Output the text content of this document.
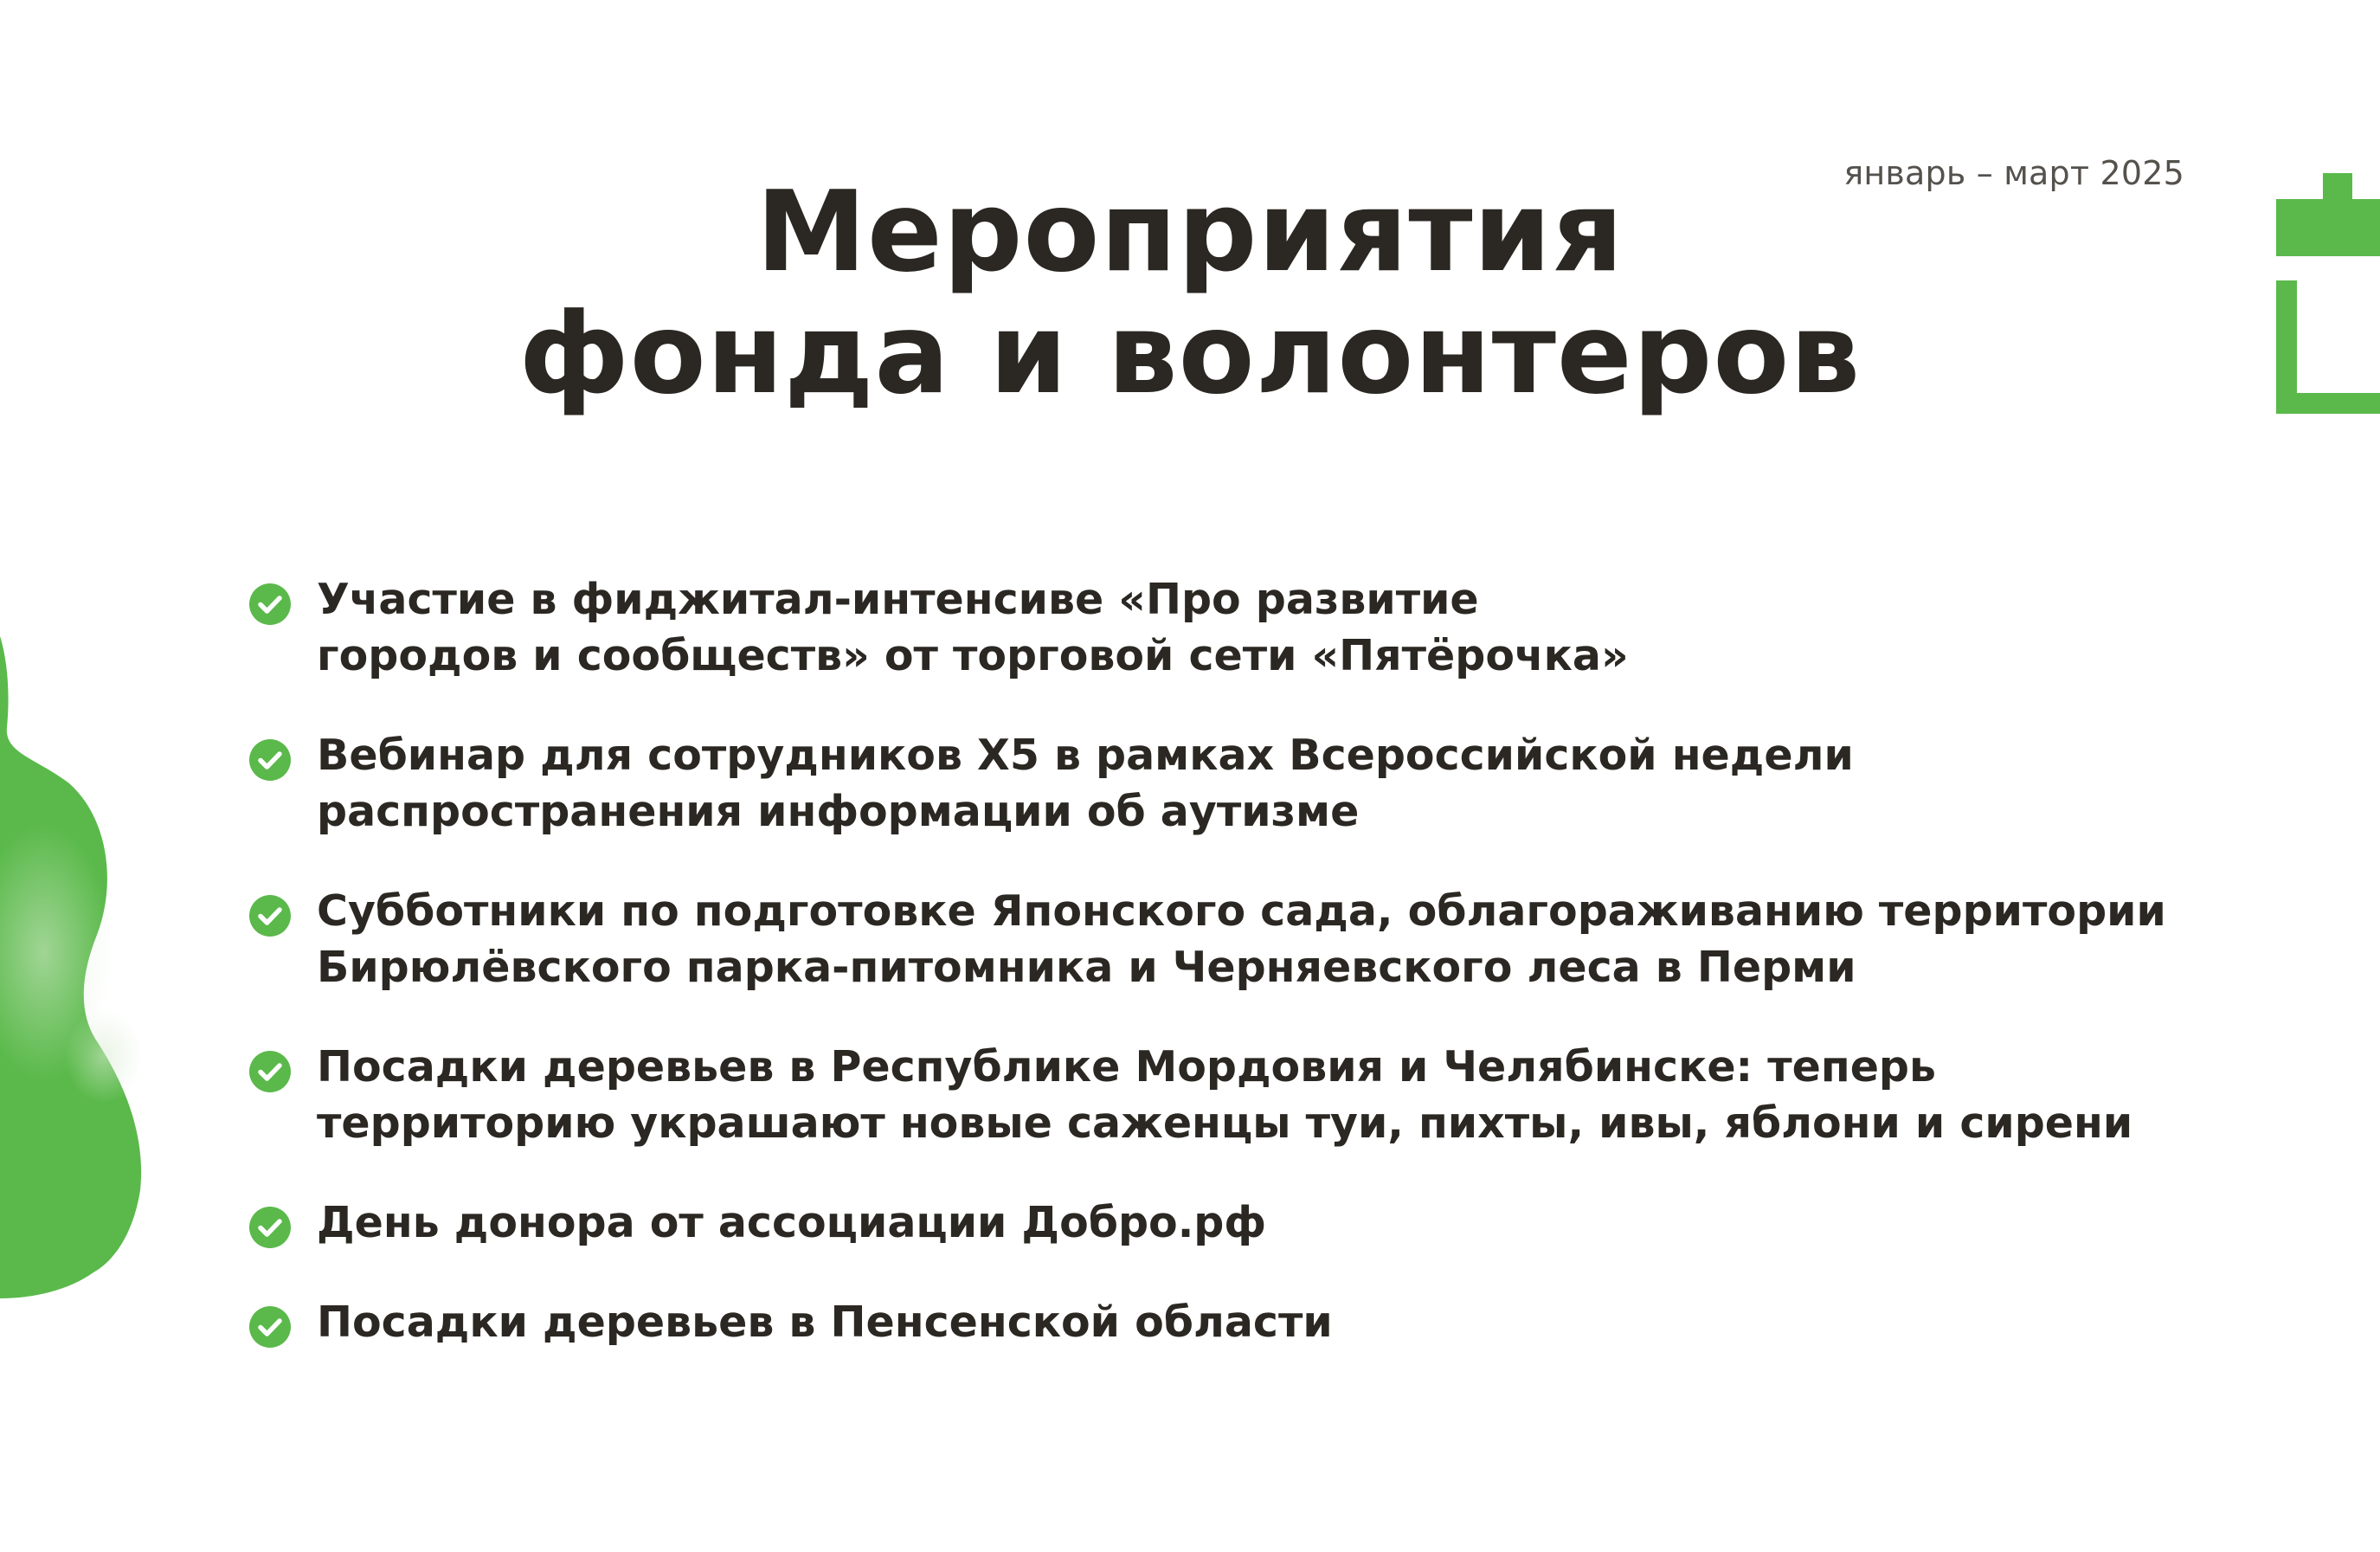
январь – март 2025
Мероприятия
фонда и волонтеров
Участие в фиджитал-интенсиве «Про развитие
городов и сообществ» от торговой сети «Пятёрочка»
Вебинар для сотрудников X5 в рамках Всероссийской недели
распространения информации об аутизме
Субботники по подготовке Японского сада, облагораживанию территории
Бирюлёвского парка-питомника и Черняевского леса в Перми
Посадки деревьев в Республике Мордовия и Челябинске: теперь
территорию украшают новые саженцы туи, пихты, ивы, яблони и сирени
День донора от ассоциации Добро.рф
Посадки деревьев в Пенсенской области
